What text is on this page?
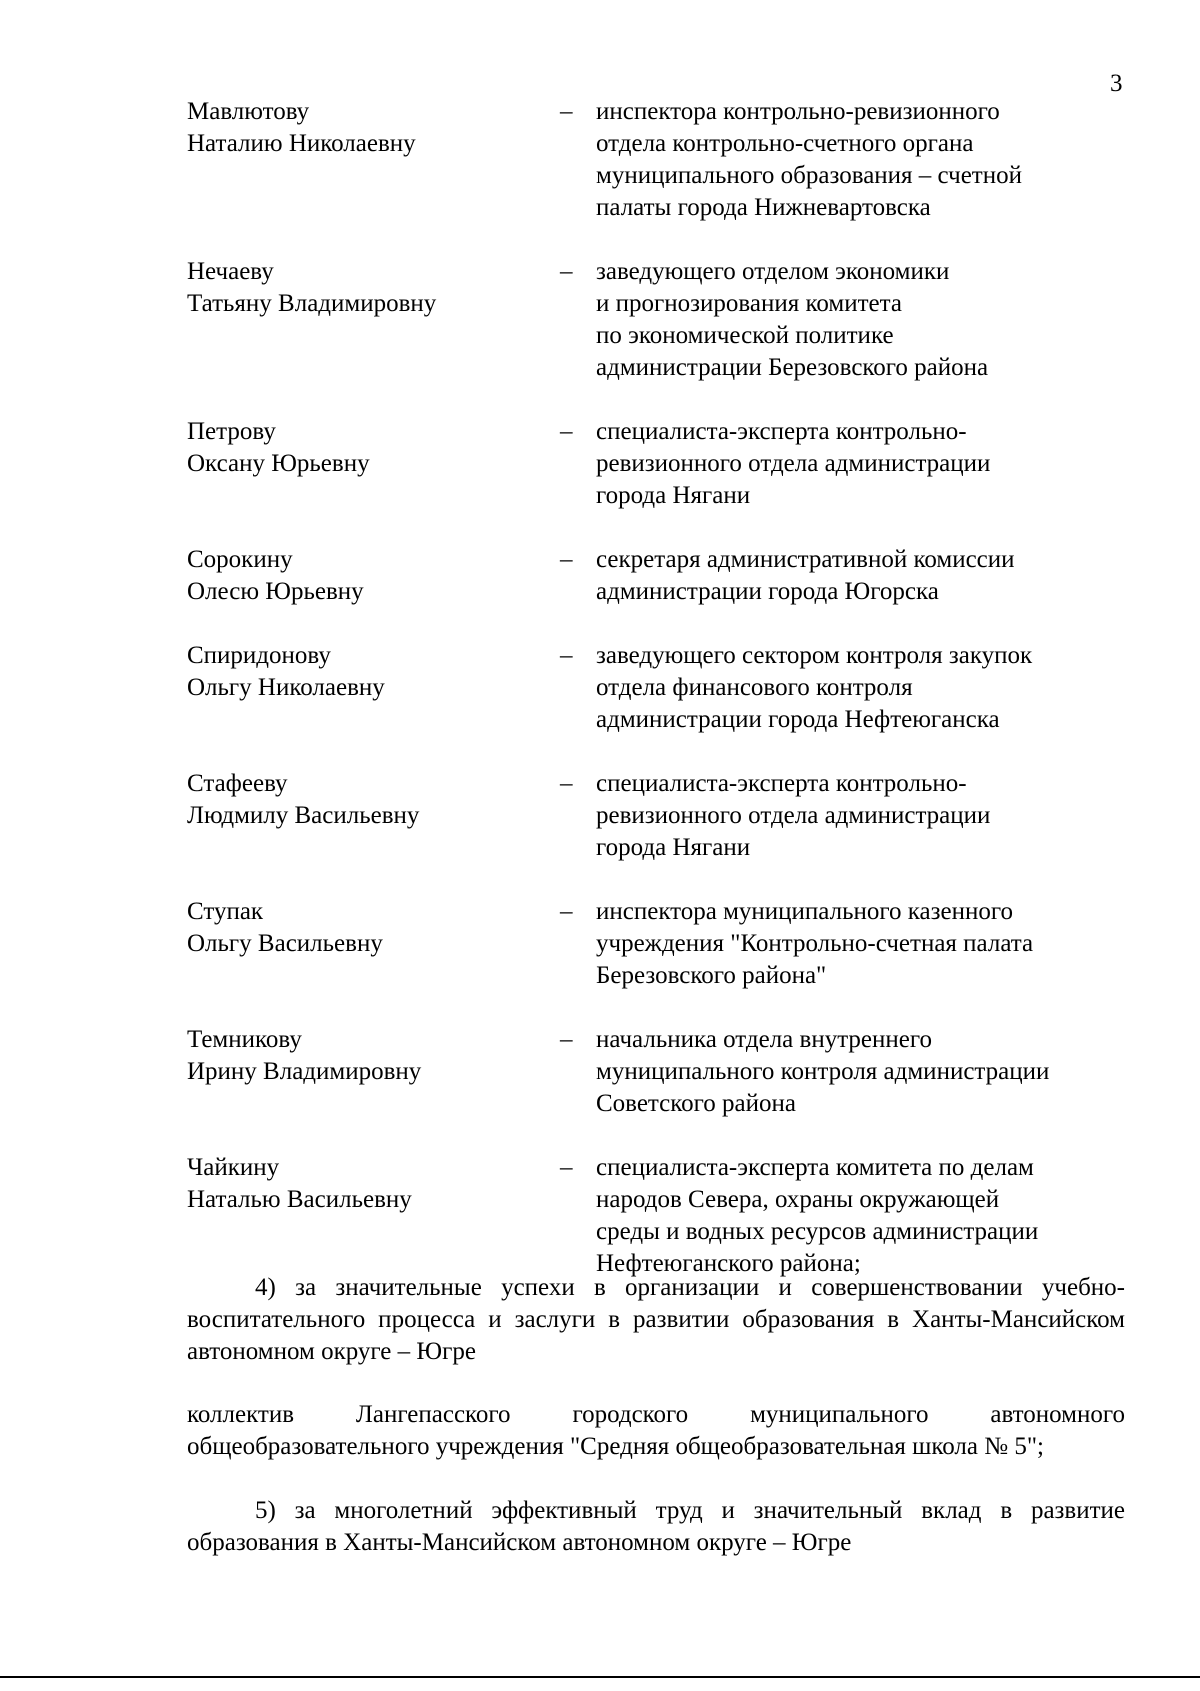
3
Мавлютову
Наталию Николаевну
– инспектора контрольно-ревизионного
отдела контрольно-счетного органа
муниципального образования – счетной
палаты города Нижневартовска
Нечаеву
Татьяну Владимировну
– заведующего отделом экономики
и прогнозирования комитета
по экономической политике
администрации Березовского района
Петрову
Оксану Юрьевну
– специалиста-эксперта контрольно-
ревизионного отдела администрации
города Нягани
Сорокину
Олесю Юрьевну
– секретаря административной комиссии
администрации города Югорска
Спиридонову
Ольгу Николаевну
– заведующего сектором контроля закупок
отдела финансового контроля
администрации города Нефтеюганска
Стафееву
Людмилу Васильевну
– специалиста-эксперта контрольно-
ревизионного отдела администрации
города Нягани
Ступак
Ольгу Васильевну
– инспектора муниципального казенного
учреждения "Контрольно-счетная палата
Березовского района"
Темникову
Ирину Владимировну
– начальника отдела внутреннего
муниципального контроля администрации
Советского района
Чайкину
Наталью Васильевну
– специалиста-эксперта комитета по делам
народов Севера, охраны окружающей
среды и водных ресурсов администрации
Нефтеюганского района;
4) за значительные успехи в организации и совершенствовании учебно-воспитательного процесса и заслуги в развитии образования в Ханты-Мансийском автономном округе – Югре
коллектив Лангепасского городского муниципального автономного общеобразовательного учреждения "Средняя общеобразовательная школа № 5";
5) за многолетний эффективный труд и значительный вклад в развитие образования в Ханты-Мансийском автономном округе – Югре
